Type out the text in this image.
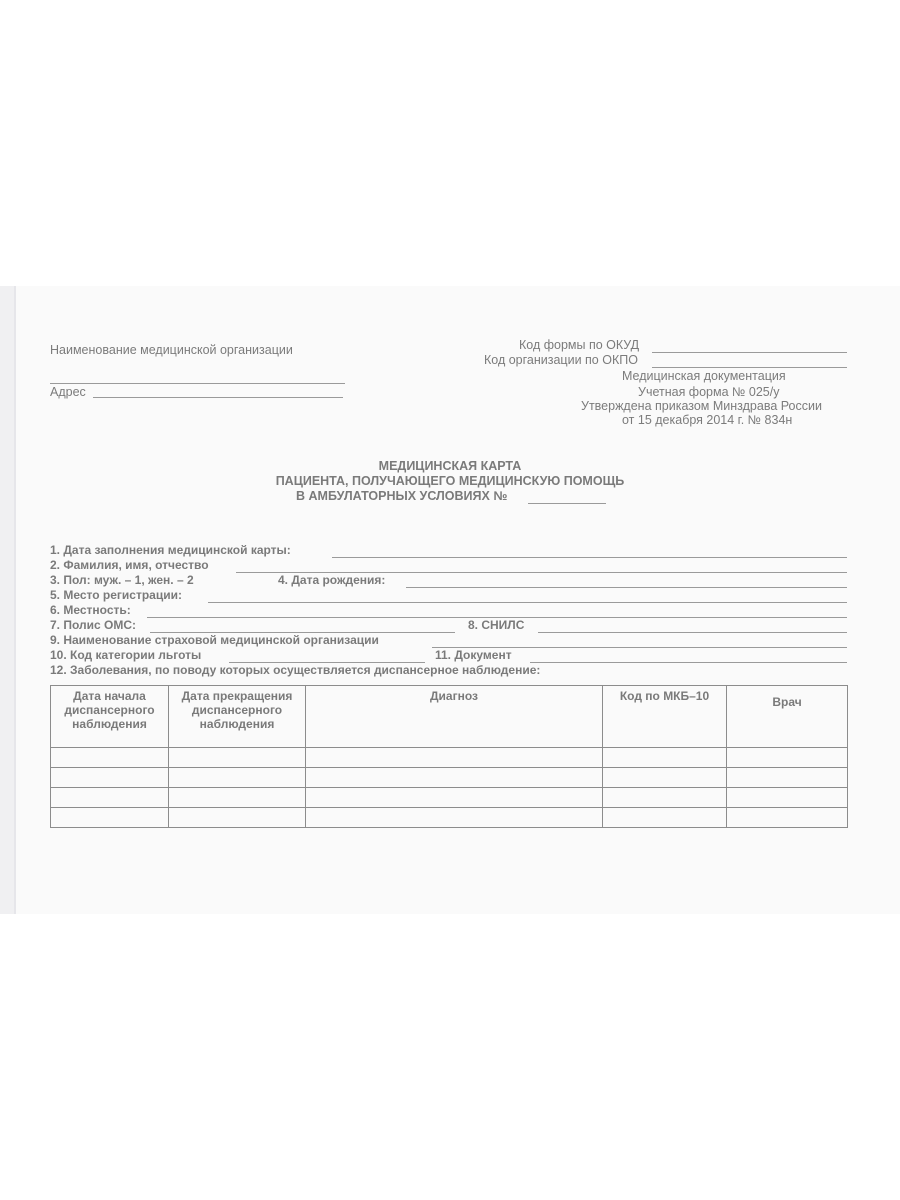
Наименование медицинской организации
Адрес
Код формы по ОКУД
Код организации по ОКПО
Медицинская документация
Учетная форма № 025/у
Утверждена приказом Минздрава России
от 15 декабря 2014 г. № 834н
МЕДИЦИНСКАЯ КАРТА
ПАЦИЕНТА, ПОЛУЧАЮЩЕГО МЕДИЦИНСКУЮ ПОМОЩЬ
В АМБУЛАТОРНЫХ УСЛОВИЯХ №
1. Дата заполнения медицинской карты:
2. Фамилия, имя, отчество
3. Пол: муж. – 1, жен. – 2	4. Дата рождения:
5. Место регистрации:
6. Местность:
7. Полис ОМС:	8. СНИЛС
9. Наименование страховой медицинской организации
10. Код категории льготы	11. Документ
12. Заболевания, по поводу которых осуществляется диспансерное наблюдение:
Дата начала диспансерного наблюдения	Дата прекращения диспансерного наблюдения	Диагноз	Код по МКБ–10	Врач
